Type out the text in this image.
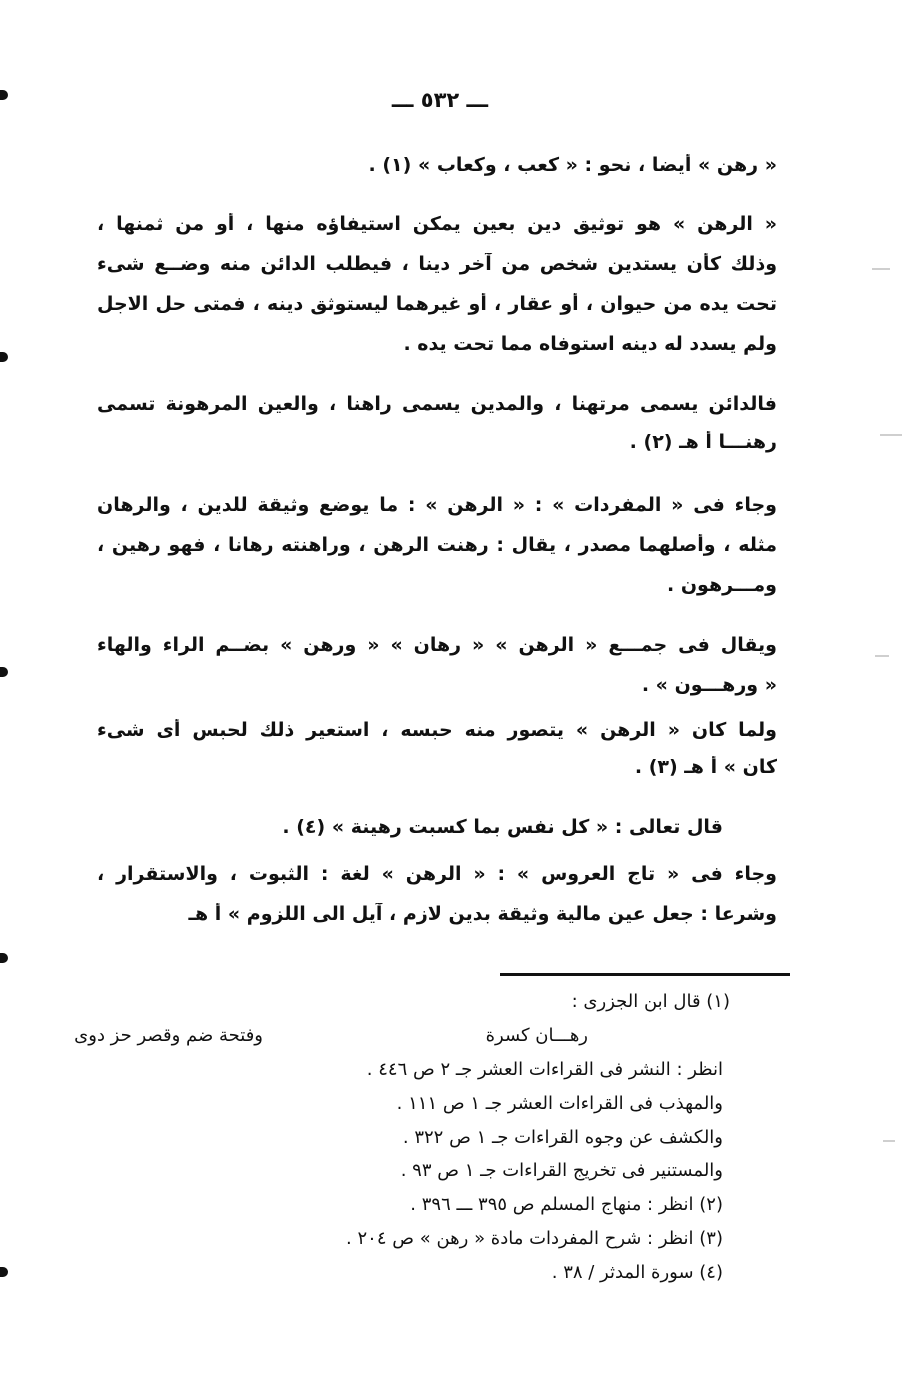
ـــ ٥٣٢ ـــ
« رهن » أيضا ، نحو : « كعب ، وكعاب » (١) .
« الرهن » هو توثيق دين بعين يمكن استيفاؤه منها ، أو من ثمنها ،
وذلك كأن يستدين شخص من آخر دينا ، فيطلب الدائن منه وضــع شىء
تحت يده من حيوان ، أو عقار ، أو غيرهما ليستوثق دينه ، فمتى حل الاجل
ولم يسدد له دينه استوفاه مما تحت يده .
فالدائن يسمى مرتهنا ، والمدين يسمى راهنا ، والعين المرهونة تسمى
رهنـــا أ هـ (٢) .
وجاء فى « المفردات » : « الرهن » : ما يوضع وثيقة للدين ، والرهان
مثله ، وأصلهما مصدر ، يقال : رهنت الرهن ، وراهنته رهانا ، فهو رهين ،
ومـــرهون .
ويقال فى جمـــع « الرهن » « رهان » « ورهن » بضــم الراء والهاء
« ورهـــون » .
ولما كان « الرهن » يتصور منه حبسه ، استعير ذلك لحبس أى شىء
كان » أ هـ (٣) .
قال تعالى : « كل نفس بما كسبت رهينة » (٤) .
وجاء فى « تاج العروس » : « الرهن » لغة : الثبوت ، والاستقرار ،
وشرعا : جعل عين مالية وثيقة بدين لازم ، آيل الى اللزوم » أ هـ
(١) قال ابن الجزرى :
رهـــان كسرة
وفتحة ضم وقصر حز دوى
انظر : النشر فى القراءات العشر جـ ٢ ص ٤٤٦ .
والمهذب فى القراءات العشر جـ ١ ص ١١١ .
والكشف عن وجوه القراءات جـ ١ ص ٣٢٢ .
والمستنير فى تخريج القراءات جـ ١ ص ٩٣ .
(٢) انظر : منهاج المسلم ص ٣٩٥ ـــ ٣٩٦ .
(٣) انظر : شرح المفردات مادة « رهن » ص ٢٠٤ .
(٤) سورة المدثر / ٣٨ .
